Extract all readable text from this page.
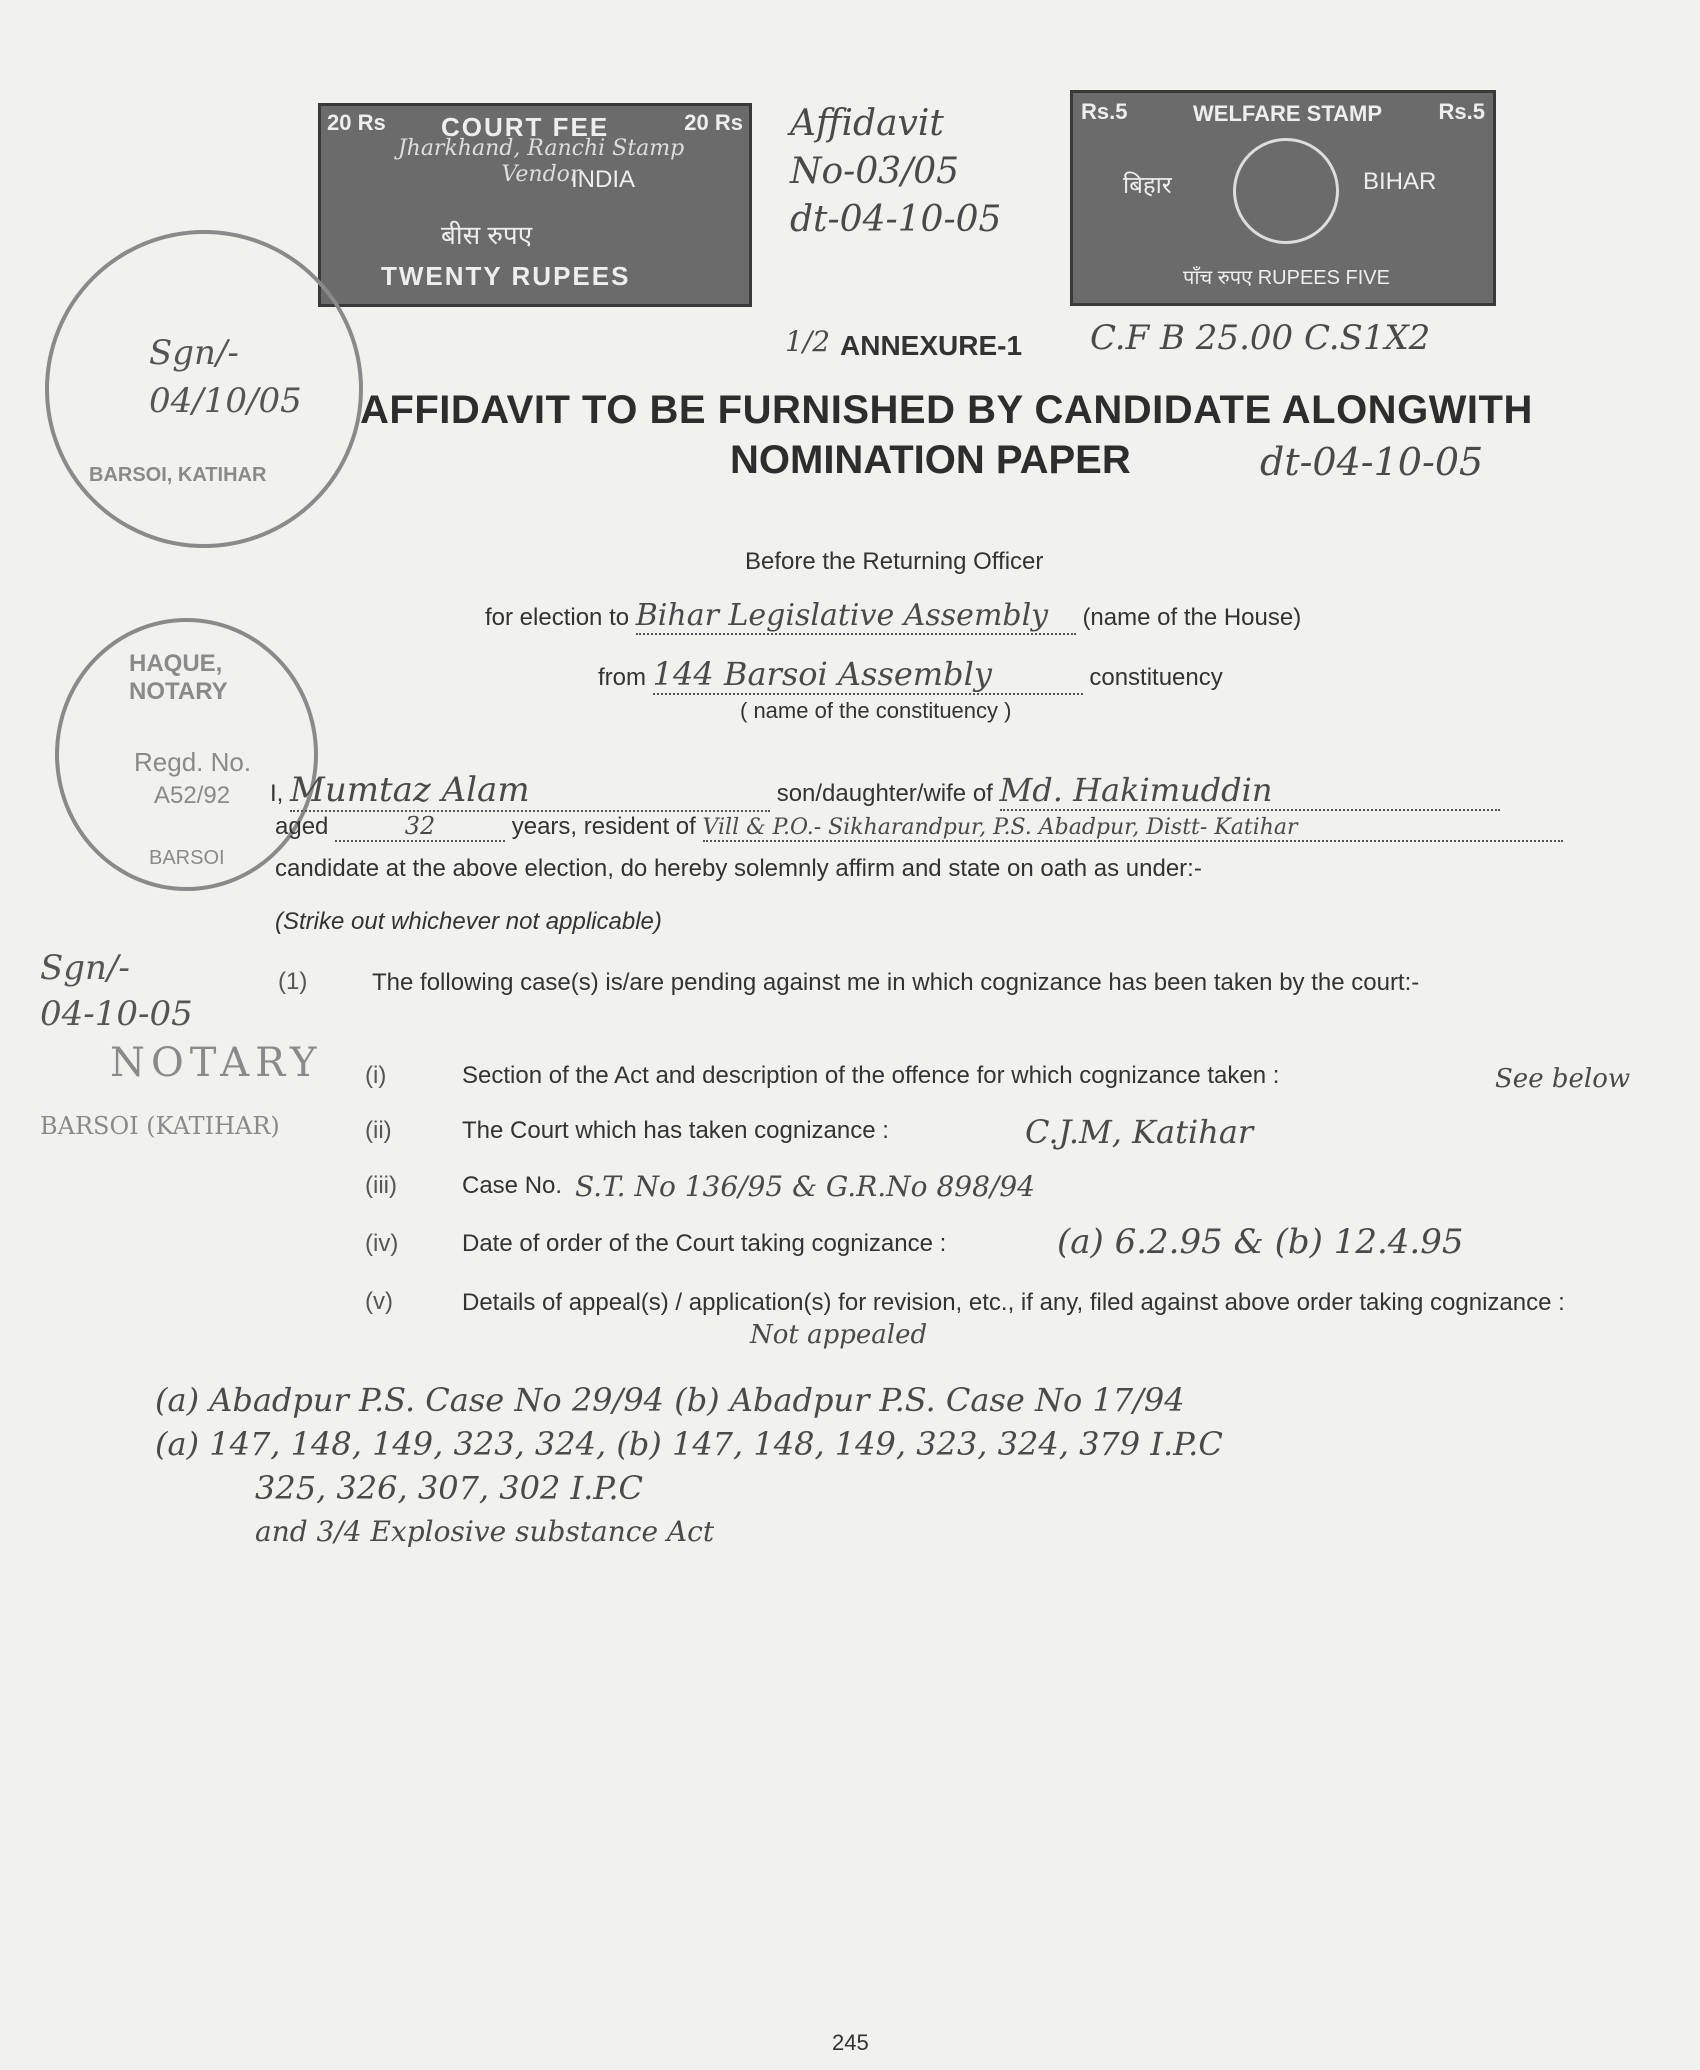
20 Rs COURT FEE	20 Rs
INDIA
बीस रुपए
TWENTY RUPEES
Jharkhand, Ranchi Stamp Vendor
Rs.5	WELFARE STAMP	Rs.5
बिहार	BIHAR
पाँच रुपए RUPEES FIVE
Affidavit
No-03/05
dt-04-10-05
BARSOI, KATIHAR
Sgn/-
04/10/05
1/2 ANNEXURE-1 C.F B 25.00 C.S1X2
AFFIDAVIT TO BE FURNISHED BY CANDIDATE ALONGWITH
NOMINATION PAPER	dt-04-10-05
Before the Returning Officer
for election to Bihar Legislative Assembly (name of the House)
from 144 Barsoi Assembly	constituency
( name of the constituency )
HAQUE, NOTARY
Regd. No.
A52/92
BARSOI
I, Mumtaz Alam	son/daughter/wife of Md. Hakimuddin
aged	32	years, resident of Vill & P.O.- Sikharandpur, P.S. Abadpur, Distt- Katihar
candidate at the above election, do hereby solemnly affirm and state on oath as under:-
(Strike out whichever not applicable)
Sgn/-
04-10-05
NOTARY
BARSOI (KATIHAR)
(1)	The following case(s) is/are pending against me in which cognizance has been taken by the court:-
(i)	Section of the Act and description of the offence for which cognizance taken :	See below
(ii)	The Court which has taken cognizance :	C.J.M, Katihar
(iii)	Case No. S.T. No 136/95 & G.R.No 898/94
(iv)	Date of order of the Court taking cognizance :	(a) 6.2.95 & (b) 12.4.95
(v)	Details of appeal(s) / application(s) for revision, etc., if any, filed against above order taking cognizance :
Not appealed
(a) Abadpur P.S. Case No 29/94 (b) Abadpur P.S. Case No 17/94
(a) 147, 148, 149, 323, 324, (b) 147, 148, 149, 323, 324, 379 I.P.C
325, 326, 307, 302 I.P.C
and 3/4 Explosive substance Act
245
